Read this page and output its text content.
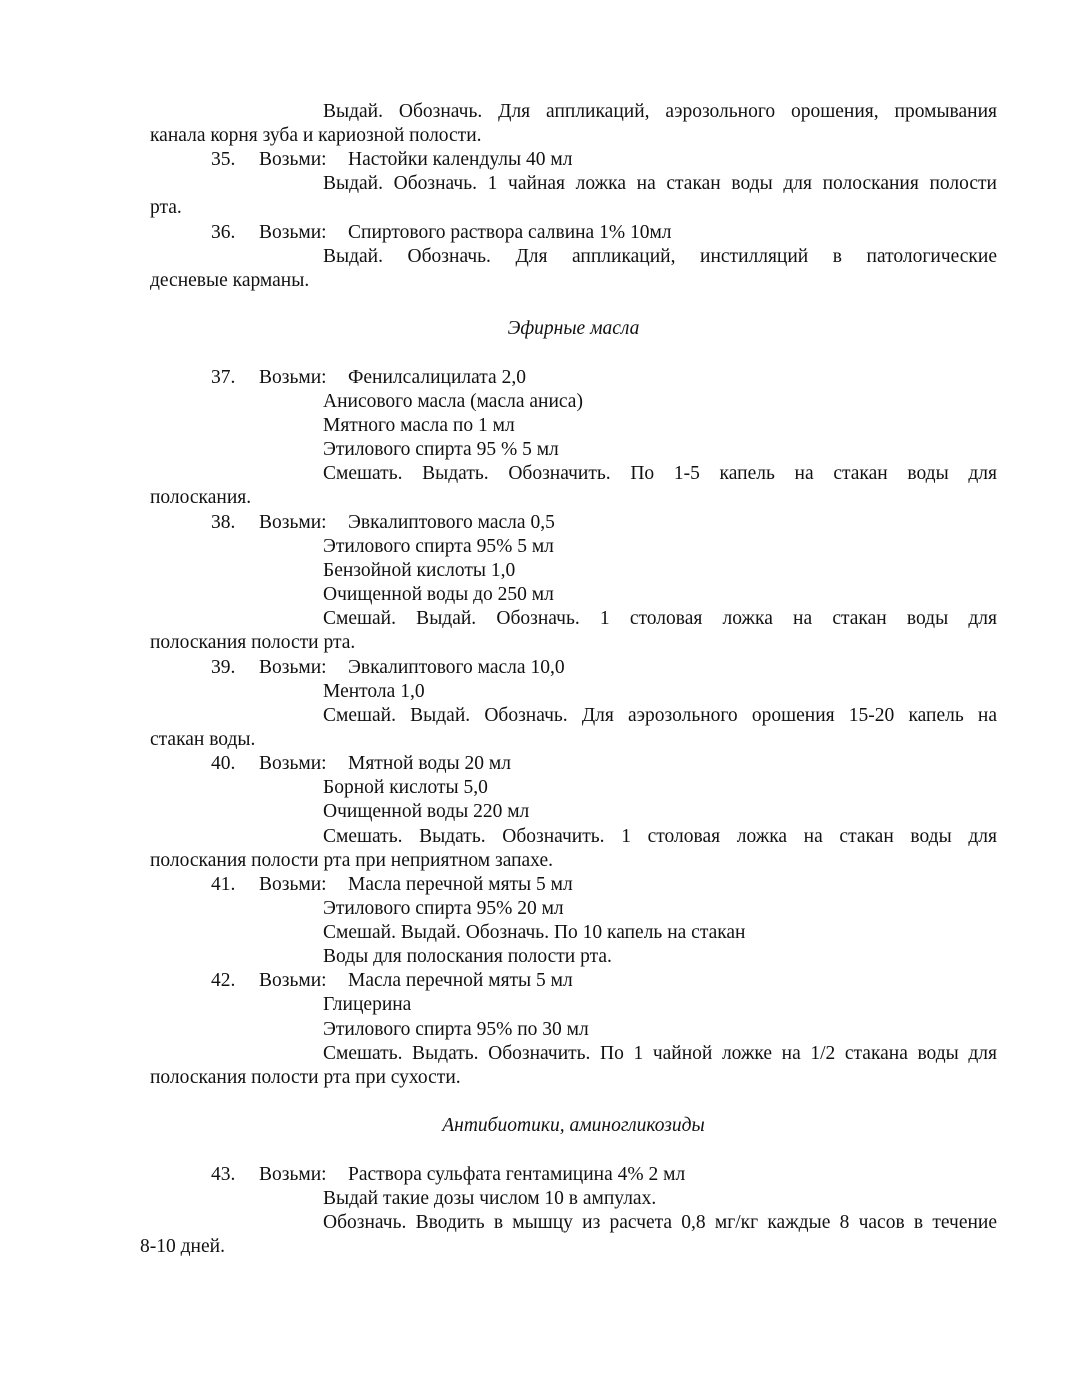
Выдай. Обозначь. Для аппликаций, аэрозольного орошения, промывания

канала корня зуба и кариозной полости.

35. Возьми: Настойки календулы 40 мл

Выдай. Обозначь. 1 чайная ложка на стакан воды для полоскания полости

рта.

36. Возьми: Спиртового раствора салвина 1% 10мл

Выдай. Обозначь. Для аппликаций, инстилляций в патологические

десневые карманы.

Эфирные масла

37. Возьми: Фенилсалицилата 2,0

Анисового масла (масла аниса)

Мятного масла по 1 мл

Этилового спирта 95 % 5 мл

Смешать. Выдать. Обозначить. По 1-5 капель на стакан воды для

полоскания.

38. Возьми: Эвкалиптового масла 0,5

Этилового спирта 95% 5 мл

Бензойной кислоты 1,0

Очищенной воды до 250 мл

Смешай. Выдай. Обозначь. 1 столовая ложка на стакан воды для

полоскания полости рта.

39. Возьми: Эвкалиптового масла 10,0

Ментола 1,0

Смешай. Выдай. Обозначь. Для аэрозольного орошения 15-20 капель на

стакан воды.

40. Возьми: Мятной воды 20 мл

Борной кислоты 5,0

Очищенной воды 220 мл

Смешать. Выдать. Обозначить. 1 столовая ложка на стакан воды для

полоскания полости рта при неприятном запахе.

41. Возьми: Масла перечной мяты 5 мл

Этилового спирта 95% 20 мл

Смешай. Выдай. Обозначь. По 10 капель на стакан

Воды для полоскания полости рта.

42. Возьми: Масла перечной мяты 5 мл

Глицерина

Этилового спирта 95% по 30 мл

Смешать. Выдать. Обозначить. По 1 чайной ложке на 1/2 стакана воды для

полоскания полости рта при сухости.

Антибиотики, аминогликозиды

43. Возьми: Раствора сульфата гентамицина 4% 2 мл

Выдай такие дозы числом 10 в ампулах.

Обозначь. Вводить в мышцу из расчета 0,8 мг/кг каждые 8 часов в течение

8-10 дней.
